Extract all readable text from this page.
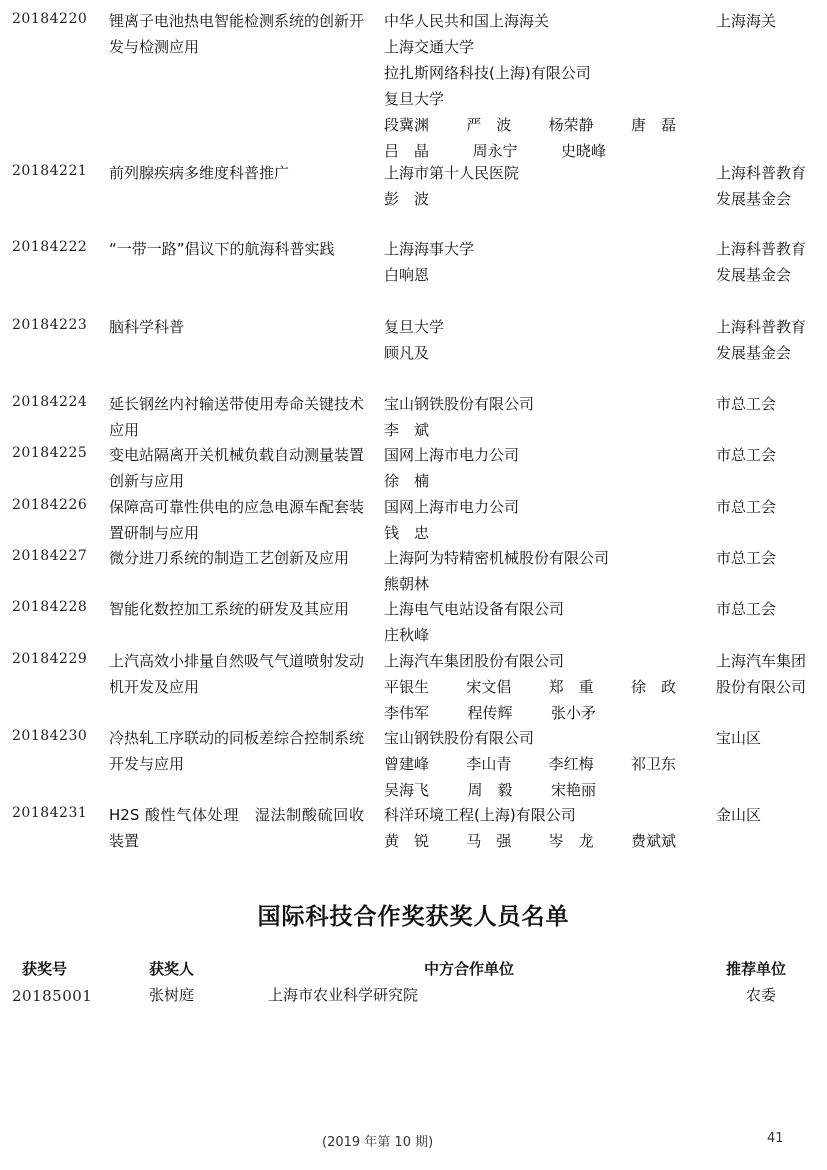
20184220 锂离子电池热电智能检测系统的创新开发与检测应用
中华人民共和国上海海关
上海交通大学
拉扎斯网络科技(上海)有限公司
复旦大学
段冀渊 严　波 杨荣静 唐　磊
吕　晶	周永宁	史晓峰
上海海关
20184221 前列腺疾病多维度科普推广	上海市第十人民医院
彭　波
上海科普教育发展基金会
20184222 “一带一路”倡议下的航海科普实践	上海海事大学
白响恩
上海科普教育发展基金会
20184223 脑科学科普	复旦大学
顾凡及
上海科普教育发展基金会
20184224 延长钢丝内衬输送带使用寿命关键技术应用
宝山钢铁股份有限公司
李　斌
市总工会
20184225 变电站隔离开关机械负载自动测量装置创新与应用
国网上海市电力公司
徐　楠
市总工会
20184226 保障高可靠性供电的应急电源车配套装置研制与应用
国网上海市电力公司
钱　忠
市总工会
20184227 微分进刀系统的制造工艺创新及应用	上海阿为特精密机械股份有限公司
熊朝林
市总工会
20184228 智能化数控加工系统的研发及其应用	上海电气电站设备有限公司
庄秋峰
市总工会
20184229 上汽高效小排量自然吸气气道喷射发动机开发及应用
上海汽车集团股份有限公司
平银生 宋文倡 郑　重 徐　政
李伟军	程传辉	张小矛
上海汽车集团股份有限公司
20184230 冷热轧工序联动的同板差综合控制系统开发与应用
宝山钢铁股份有限公司
曾建峰 李山青 李红梅 祁卫东
吴海飞	周　毅	宋艳丽
宝山区
20184231 H2S 酸性气体处理　湿法制酸硫回收装置
科洋环境工程(上海)有限公司
黄　锐 马　强 岑　龙 费斌斌
金山区
国际科技合作奖获奖人员名单
获奖号	获奖人	中方合作单位	推荐单位
20185001	张树庭	上海市农业科学研究院	农委
(2019 年第 10 期)	41
